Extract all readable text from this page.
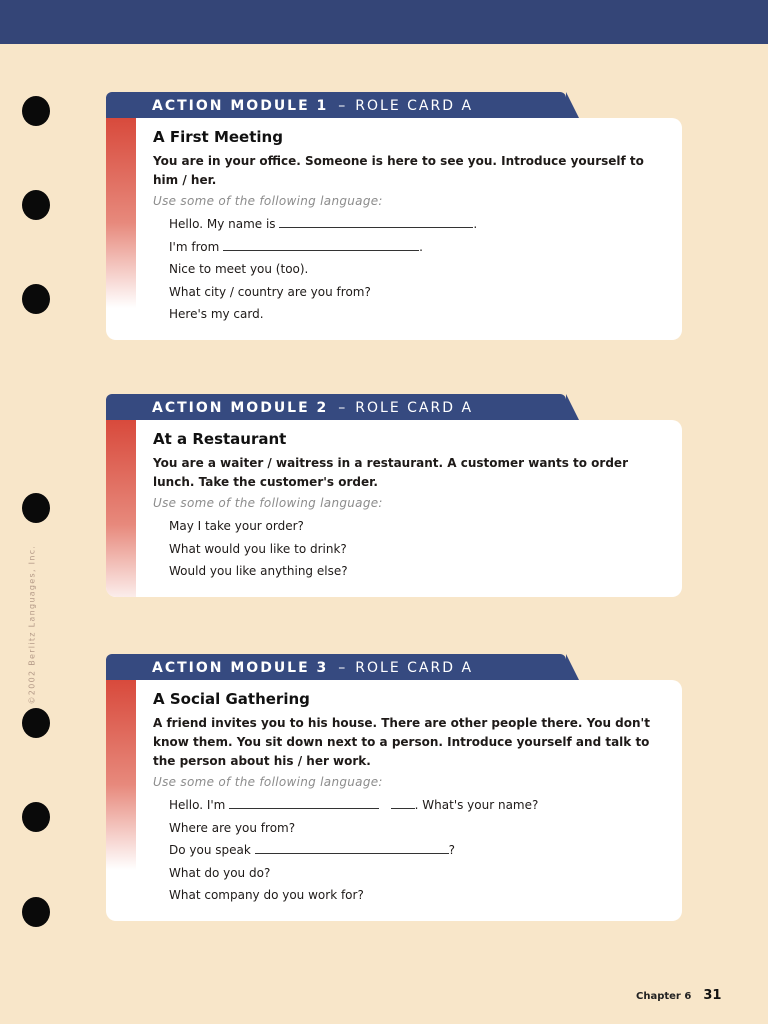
©2002 Berlitz Languages, Inc.
ACTION MODULE 1 – ROLE CARD A
A First Meeting

You are in your office. Someone is here to see you. Introduce yourself to him / her.

Use some of the following language:

Hello. My name is	.
I'm from	.
Nice to meet you (too).
What city / country are you from?
Here's my card.
ACTION MODULE 2 – ROLE CARD A
At a Restaurant

You are a waiter / waitress in a restaurant. A customer wants to order lunch. Take the customer's order.

Use some of the following language:

May I take your order?
What would you like to drink?
Would you like anything else?
ACTION MODULE 3 – ROLE CARD A
A Social Gathering

A friend invites you to his house. There are other people there. You don't know them. You sit down next to a person. Introduce yourself and talk to the person about his / her work.

Use some of the following language:

Hello. I'm	. What's your name?
Where are you from?
Do you speak	?
What do you do?
What company do you work for?
Chapter 6 31
